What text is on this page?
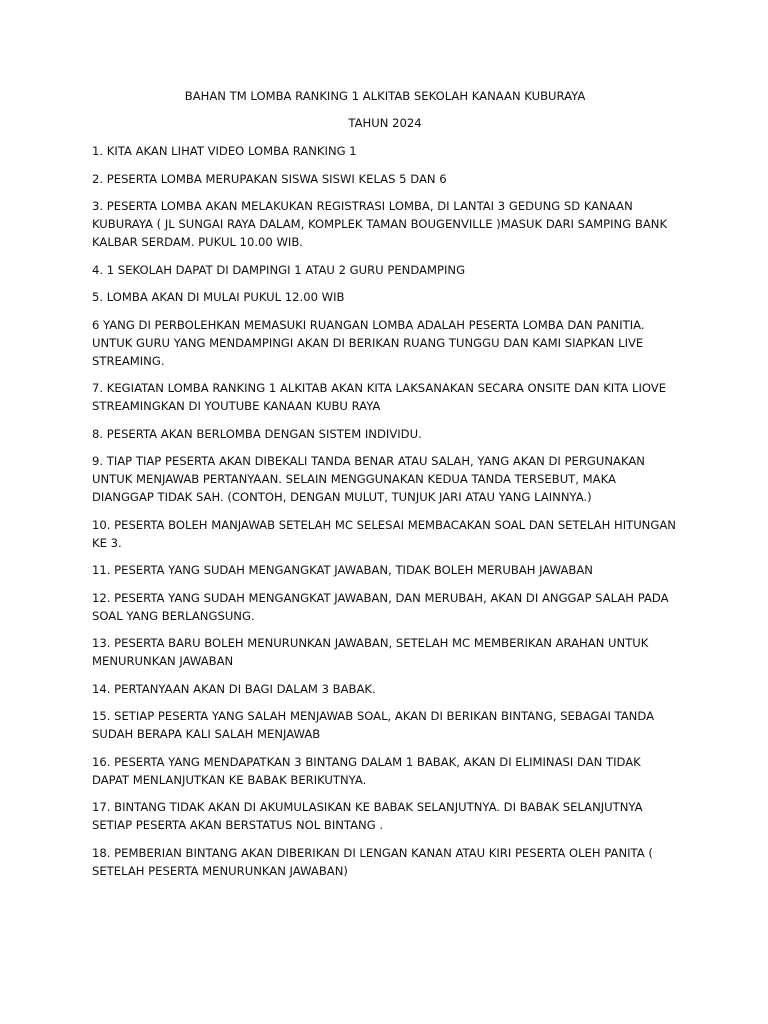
BAHAN TM LOMBA RANKING 1 ALKITAB SEKOLAH KANAAN KUBURAYA

TAHUN 2024

1. KITA AKAN LIHAT VIDEO LOMBA RANKING 1

2. PESERTA LOMBA MERUPAKAN SISWA SISWI KELAS 5 DAN 6

3. PESERTA LOMBA AKAN MELAKUKAN REGISTRASI LOMBA, DI LANTAI 3 GEDUNG SD KANAAN KUBURAYA ( JL SUNGAI RAYA DALAM, KOMPLEK TAMAN BOUGENVILLE )MASUK DARI SAMPING BANK KALBAR SERDAM. PUKUL 10.00 WIB.

4. 1 SEKOLAH DAPAT DI DAMPINGI 1 ATAU 2 GURU PENDAMPING

5. LOMBA AKAN DI MULAI PUKUL 12.00 WIB

6 YANG DI PERBOLEHKAN MEMASUKI RUANGAN LOMBA ADALAH PESERTA LOMBA DAN PANITIA. UNTUK GURU YANG MENDAMPINGI AKAN DI BERIKAN RUANG TUNGGU DAN KAMI SIAPKAN LIVE STREAMING.

7. KEGIATAN LOMBA RANKING 1 ALKITAB AKAN KITA LAKSANAKAN SECARA ONSITE DAN KITA LIOVE STREAMINGKAN DI YOUTUBE KANAAN KUBU RAYA

8. PESERTA AKAN BERLOMBA DENGAN SISTEM INDIVIDU.

9. TIAP TIAP PESERTA AKAN DIBEKALI TANDA BENAR ATAU SALAH, YANG AKAN DI PERGUNAKAN UNTUK MENJAWAB PERTANYAAN. SELAIN MENGGUNAKAN KEDUA TANDA TERSEBUT, MAKA DIANGGAP TIDAK SAH. (CONTOH, DENGAN MULUT, TUNJUK JARI ATAU YANG LAINNYA.)

10. PESERTA BOLEH MANJAWAB SETELAH MC SELESAI MEMBACAKAN SOAL DAN SETELAH HITUNGAN KE 3.

11. PESERTA YANG SUDAH MENGANGKAT JAWABAN, TIDAK BOLEH MERUBAH JAWABAN

12. PESERTA YANG SUDAH MENGANGKAT JAWABAN, DAN MERUBAH, AKAN DI ANGGAP SALAH PADA SOAL YANG BERLANGSUNG.

13. PESERTA BARU BOLEH MENURUNKAN JAWABAN, SETELAH MC MEMBERIKAN ARAHAN UNTUK MENURUNKAN JAWABAN

14. PERTANYAAN AKAN DI BAGI DALAM 3 BABAK.

15. SETIAP PESERTA YANG SALAH MENJAWAB SOAL, AKAN DI BERIKAN BINTANG, SEBAGAI TANDA SUDAH BERAPA KALI SALAH MENJAWAB

16. PESERTA YANG MENDAPATKAN 3 BINTANG DALAM 1 BABAK, AKAN DI ELIMINASI DAN TIDAK DAPAT MENLANJUTKAN KE BABAK BERIKUTNYA.

17. BINTANG TIDAK AKAN DI AKUMULASIKAN KE BABAK SELANJUTNYA. DI BABAK SELANJUTNYA SETIAP PESERTA AKAN BERSTATUS NOL BINTANG .

18. PEMBERIAN BINTANG AKAN DIBERIKAN DI LENGAN KANAN ATAU KIRI PESERTA OLEH PANITA ( SETELAH PESERTA MENURUNKAN JAWABAN)
